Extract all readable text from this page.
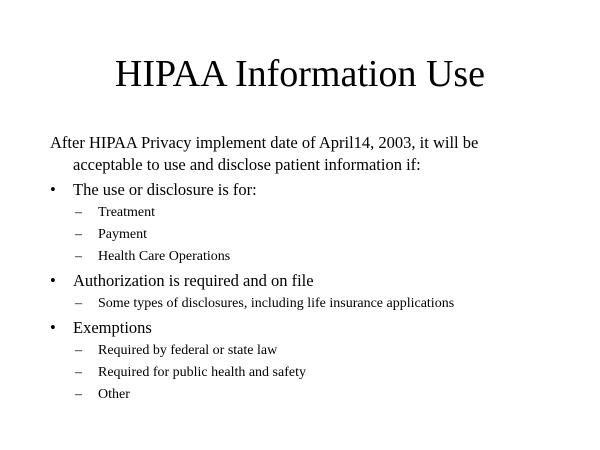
HIPAA Information Use
After HIPAA Privacy implement date of April14, 2003, it will be
acceptable to use and disclose patient information if:
•	The use or disclosure is for:
– Treatment
– Payment
– Health Care Operations
•	Authorization is required and on file
– Some types of disclosures, including life insurance applications
•	Exemptions
– Required by federal or state law
– Required for public health and safety
– Other
